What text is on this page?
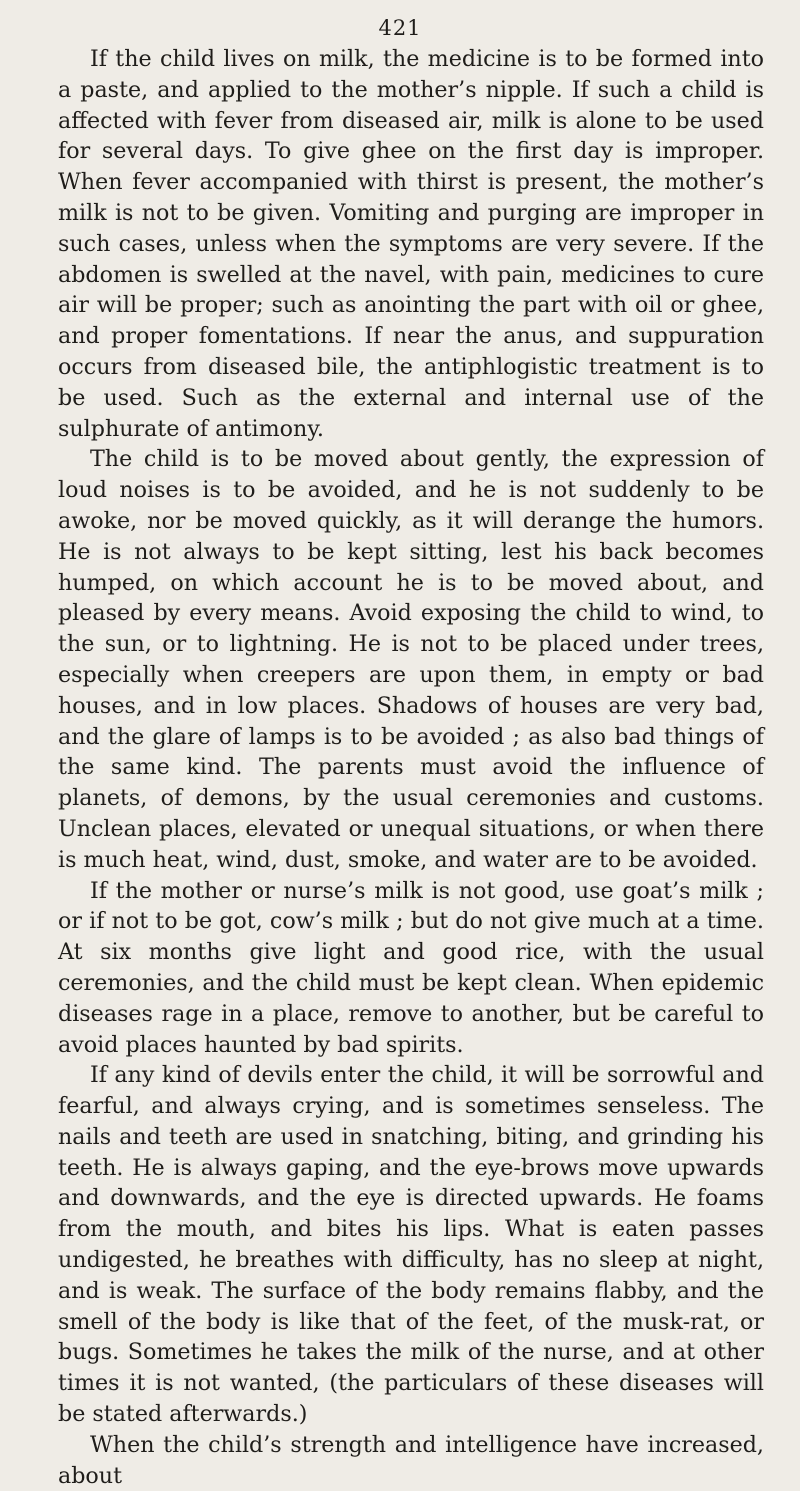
421

If the child lives on milk, the medicine is to be formed into a paste, and applied to the mother’s nipple. If such a child is affected with fever from diseased air, milk is alone to be used for several days. To give ghee on the first day is improper. When fever accompanied with thirst is present, the mother’s milk is not to be given. Vomiting and purging are improper in such cases, unless when the symptoms are very severe. If the abdomen is swelled at the navel, with pain, medicines to cure air will be proper; such as anointing the part with oil or ghee, and proper fomentations. If near the anus, and suppuration occurs from diseased bile, the antiphlogistic treatment is to be used. Such as the external and internal use of the sulphurate of antimony.

The child is to be moved about gently, the expression of loud noises is to be avoided, and he is not suddenly to be awoke, nor be moved quickly, as it will derange the humors. He is not always to be kept sitting, lest his back becomes humped, on which account he is to be moved about, and pleased by every means. Avoid exposing the child to wind, to the sun, or to lightning. He is not to be placed under trees, especially when creepers are upon them, in empty or bad houses, and in low places. Shadows of houses are very bad, and the glare of lamps is to be avoided ; as also bad things of the same kind. The parents must avoid the influence of planets, of demons, by the usual ceremonies and customs. Unclean places, elevated or unequal situations, or when there is much heat, wind, dust, smoke, and water are to be avoided.

If the mother or nurse’s milk is not good, use goat’s milk ; or if not to be got, cow’s milk ; but do not give much at a time. At six months give light and good rice, with the usual ceremonies, and the child must be kept clean. When epidemic diseases rage in a place, remove to another, but be careful to avoid places haunted by bad spirits.

If any kind of devils enter the child, it will be sorrowful and fearful, and always crying, and is sometimes senseless. The nails and teeth are used in snatching, biting, and grinding his teeth. He is always gaping, and the eye-brows move upwards and downwards, and the eye is directed upwards. He foams from the mouth, and bites his lips. What is eaten passes undigested, he breathes with difficulty, has no sleep at night, and is weak. The surface of the body remains flabby, and the smell of the body is like that of the feet, of the musk-rat, or bugs. Sometimes he takes the milk of the nurse, and at other times it is not wanted, (the particulars of these diseases will be stated afterwards.)

When the child’s strength and intelligence have increased, about
